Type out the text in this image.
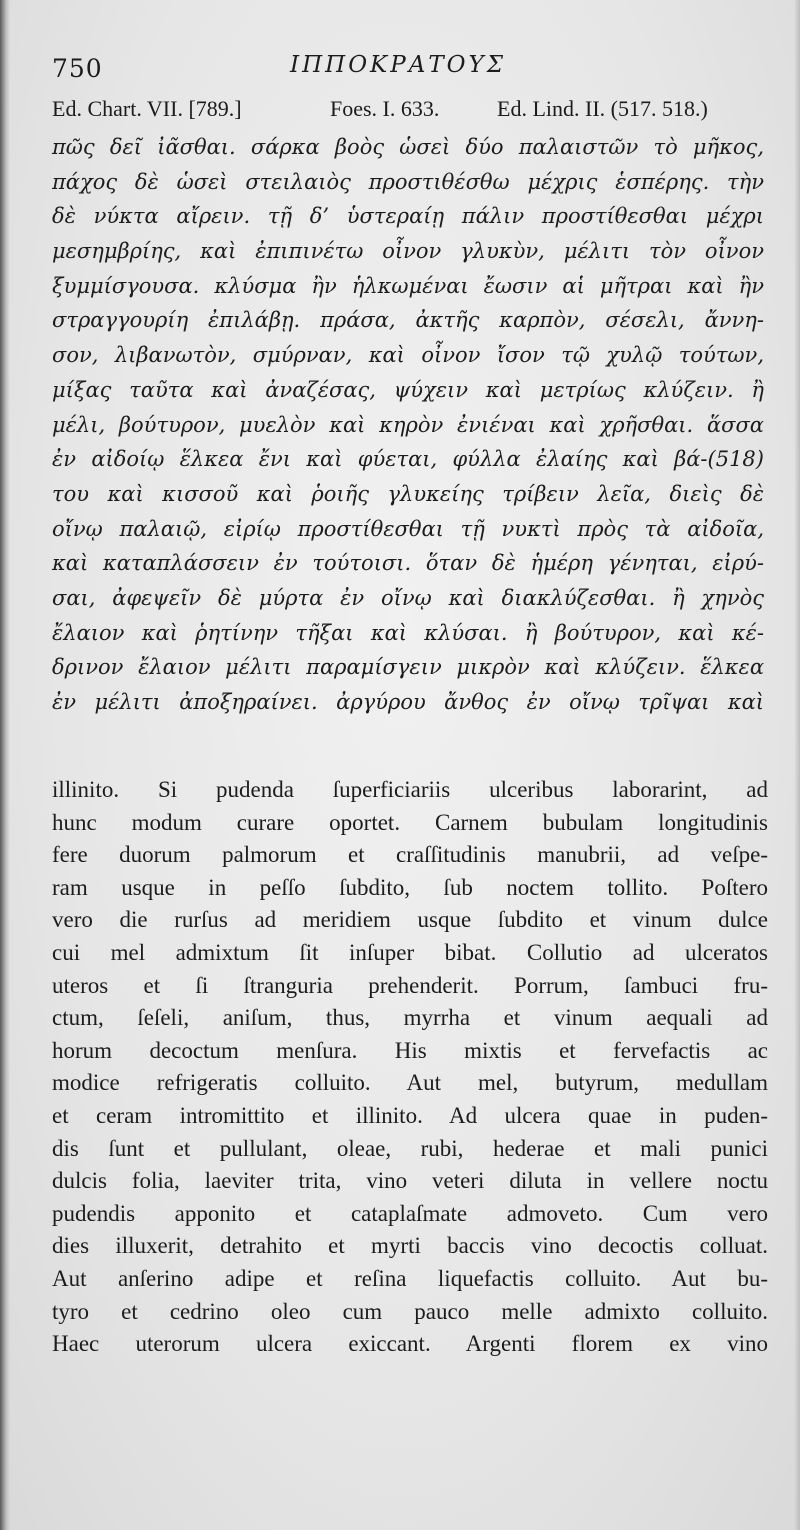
750	ΙΠΠΟΚΡΑΤΟΥΣ
Ed. Chart. VII. [789.]	Foes. I. 633.	Ed. Lind. II. (517. 518.)
πῶς δεῖ ἰᾶσθαι. σάρκα βοὸς ὡσεὶ δύο παλαιστῶν τὸ μῆκος,
πάχος δὲ ὡσεὶ στειλαιὸς προστιθέσθω μέχρις ἑσπέρης. τὴν
δὲ νύκτα αἴρειν. τῇ δ’ ὑστεραίῃ πάλιν προστίθεσθαι μέχρι
μεσημβρίης, καὶ ἐπιπινέτω οἶνον γλυκὺν, μέλιτι τὸν οἶνον
ξυμμίσγουσα. κλύσμα ἢν ἡλκωμέναι ἔωσιν αἱ μῆτραι καὶ ἢν
στραγγουρίη ἐπιλάβῃ. πράσα, ἀκτῆς καρπὸν, σέσελι, ἄννη-
σον, λιβανωτὸν, σμύρναν, καὶ οἶνον ἴσον τῷ χυλῷ τούτων,
μίξας ταῦτα καὶ ἀναζέσας, ψύχειν καὶ μετρίως κλύζειν. ἢ
μέλι, βούτυρον, μυελὸν καὶ κηρὸν ἐνιέναι καὶ χρῆσθαι. ἅσσα
ἐν αἰδοίῳ ἕλκεα ἔνι καὶ φύεται, φύλλα ἐλαίης καὶ βά-(518)
του καὶ κισσοῦ καὶ ῥοιῆς γλυκείης τρίβειν λεῖα, διεὶς δὲ
οἴνῳ παλαιῷ, εἰρίῳ προστίθεσθαι τῇ νυκτὶ πρὸς τὰ αἰδοῖα,
καὶ καταπλάσσειν ἐν τούτοισι. ὅταν δὲ ἡμέρη γένηται, εἰρύ-
σαι, ἀφεψεῖν δὲ μύρτα ἐν οἴνῳ καὶ διακλύζεσθαι. ἢ χηνὸς
ἔλαιον καὶ ῥητίνην τῆξαι καὶ κλύσαι. ἢ βούτυρον, καὶ κέ-
δρινον ἔλαιον μέλιτι παραμίσγειν μικρὸν καὶ κλύζειν. ἕλκεα
ἐν μέλιτι ἀποξηραίνει. ἀργύρου ἄνθος ἐν οἴνῳ τρῖψαι καὶ
illinito. Si pudenda ſuperficiariis ulceribus laborarint, ad
hunc modum curare oportet. Carnem bubulam longitudinis
fere duorum palmorum et craſſitudinis manubrii, ad veſpe-
ram usque in peſſo ſubdito, ſub noctem tollito. Poſtero
vero die rurſus ad meridiem usque ſubdito et vinum dulce
cui mel admixtum ſit inſuper bibat. Collutio ad ulceratos
uteros et ſi ſtranguria prehenderit. Porrum, ſambuci fru-
ctum, ſeſeli, aniſum, thus, myrrha et vinum aequali ad
horum decoctum menſura. His mixtis et fervefactis ac
modice refrigeratis colluito. Aut mel, butyrum, medullam
et ceram intromittito et illinito. Ad ulcera quae in puden-
dis ſunt et pullulant, oleae, rubi, hederae et mali punici
dulcis folia, laeviter trita, vino veteri diluta in vellere noctu
pudendis apponito et cataplaſmate admoveto. Cum vero
dies illuxerit, detrahito et myrti baccis vino decoctis colluat.
Aut anſerino adipe et reſina liquefactis colluito. Aut bu-
tyro et cedrino oleo cum pauco melle admixto colluito.
Haec uterorum ulcera exiccant. Argenti florem ex vino
